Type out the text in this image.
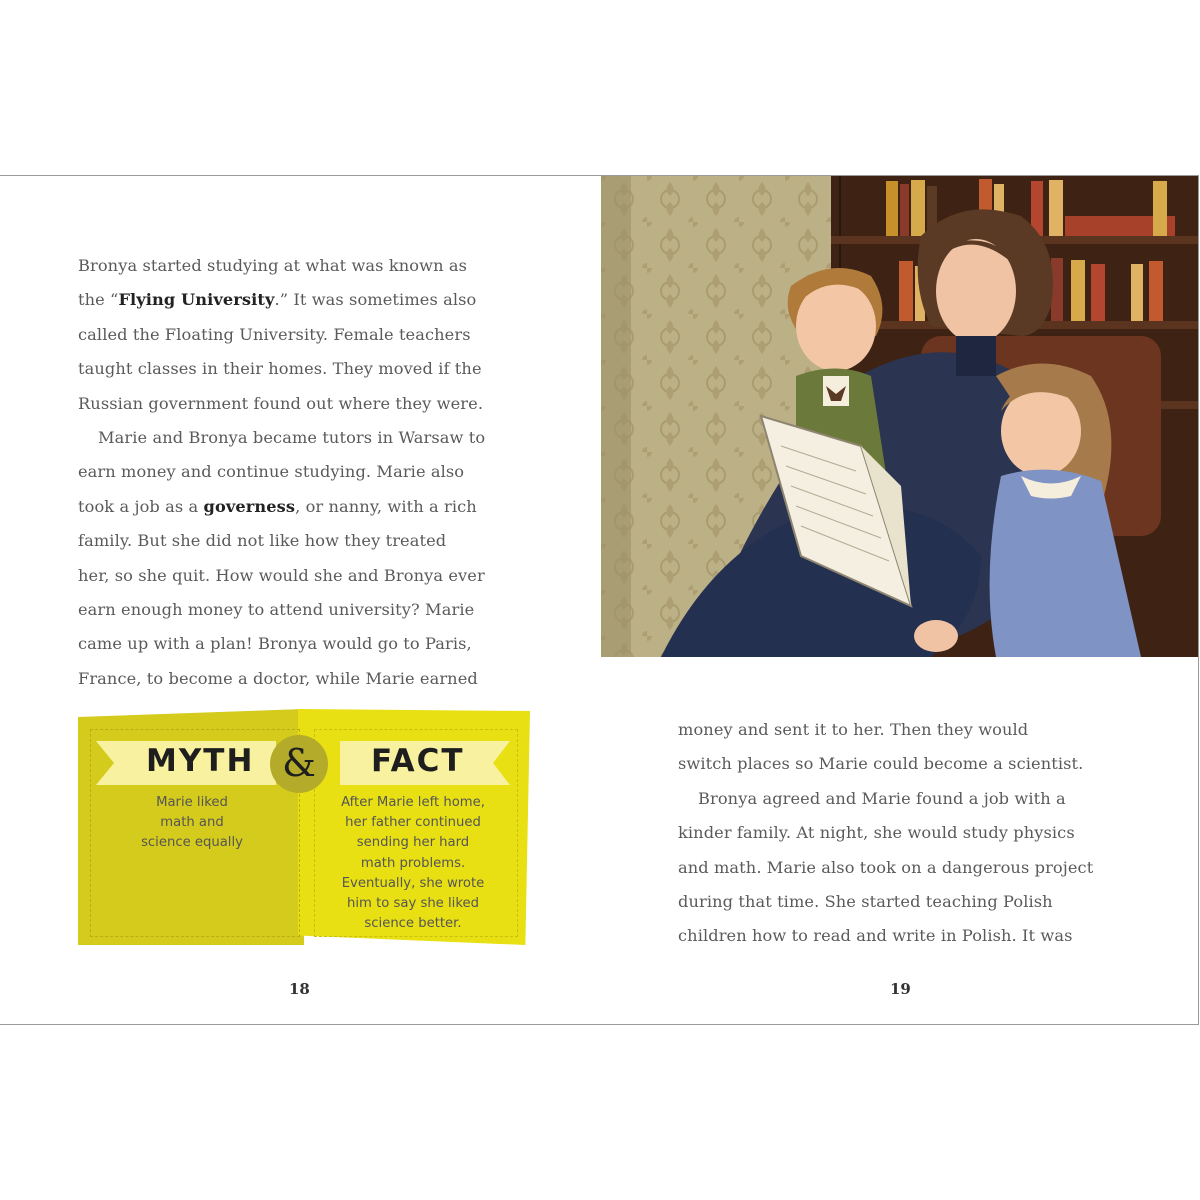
Bronya started studying at what was known as
the “Flying University.” It was sometimes also
called the Floating University. Female teachers
taught classes in their homes. They moved if the
Russian government found out where they were.
Marie and Bronya became tutors in Warsaw to
earn money and continue studying. Marie also
took a job as a governess, or nanny, with a rich
family. But she did not like how they treated
her, so she quit. How would she and Bronya ever
earn enough money to attend university? Marie
came up with a plan! Bronya would go to Paris,
France, to become a doctor, while Marie earned
MYTH	FACT
&
Marie liked
math and
science equally
After Marie left home,
her father continued
sending her hard
math problems.
Eventually, she wrote
him to say she liked
science better.
18
money and sent it to her. Then they would
switch places so Marie could become a scientist.
Bronya agreed and Marie found a job with a
kinder family. At night, she would study physics
and math. Marie also took on a dangerous project
during that time. She started teaching Polish
children how to read and write in Polish. It was
19
